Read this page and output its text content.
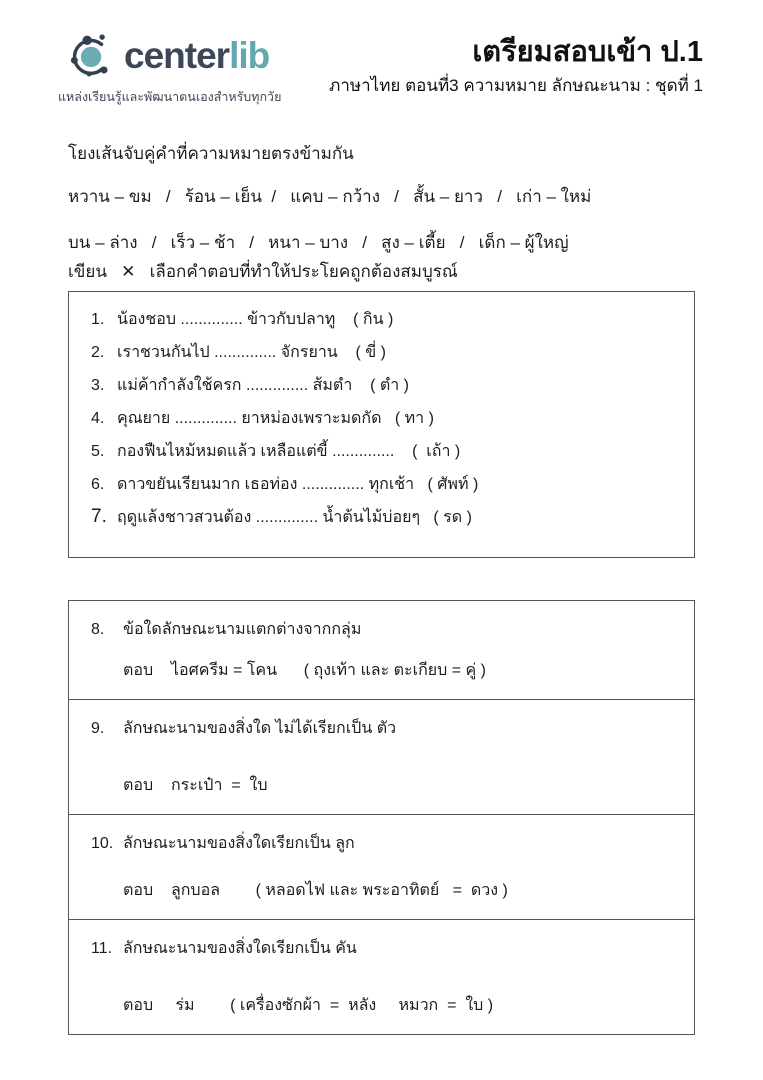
centerlib
แหล่งเรียนรู้และพัฒนาตนเองสำหรับทุกวัย
เตรียมสอบเข้า ป.1
ภาษาไทย ตอนที่3 ความหมาย ลักษณะนาม : ชุดที่ 1
โยงเส้นจับคู่คำที่ความหมายตรงข้ามกัน
หวาน – ขม   /   ร้อน – เย็น  /   แคบ – กว้าง   /   สั้น – ยาว   /   เก่า – ใหม่
บน – ล่าง   /   เร็ว – ช้า   /   หนา – บาง   /   สูง – เตี้ย   /   เด็ก – ผู้ใหญ่
เขียน   ✕   เลือกคำตอบที่ทำให้ประโยคถูกต้องสมบูรณ์
1. น้องชอบ .............. ข้าวกับปลาทู    ( กิน )
2. เราชวนกันไป .............. จักรยาน    ( ขี่ )
3. แม่ค้ากำลังใช้ครก .............. ส้มตำ    ( ตำ )
4. คุณยาย .............. ยาหม่องเพราะมดกัด   ( ทา )
5. กองฟืนไหม้หมดแล้ว เหลือแต่ขี้ ..............    (  เถ้า )
6. ดาวขยันเรียนมาก เธอท่อง .............. ทุกเช้า   ( ศัพท์ )
7. ฤดูแล้งชาวสวนต้อง .............. น้ำต้นไม้บ่อยๆ   ( รด )
8.	ข้อใดลักษณะนามแตกต่างจากกลุ่ม
ตอบ    ไอศครีม = โคน      ( ถุงเท้า และ ตะเกียบ = คู่ )
9.	ลักษณะนามของสิ่งใด ไม่ได้เรียกเป็น ตัว
ตอบ    กระเป๋า  =  ใบ
10. ลักษณะนามของสิ่งใดเรียกเป็น ลูก
ตอบ    ลูกบอล        ( หลอดไฟ และ พระอาทิตย์   =  ดวง )
11. ลักษณะนามของสิ่งใดเรียกเป็น คัน
ตอบ     ร่ม        ( เครื่องซักผ้า  =  หลัง     หมวก  =  ใบ )
